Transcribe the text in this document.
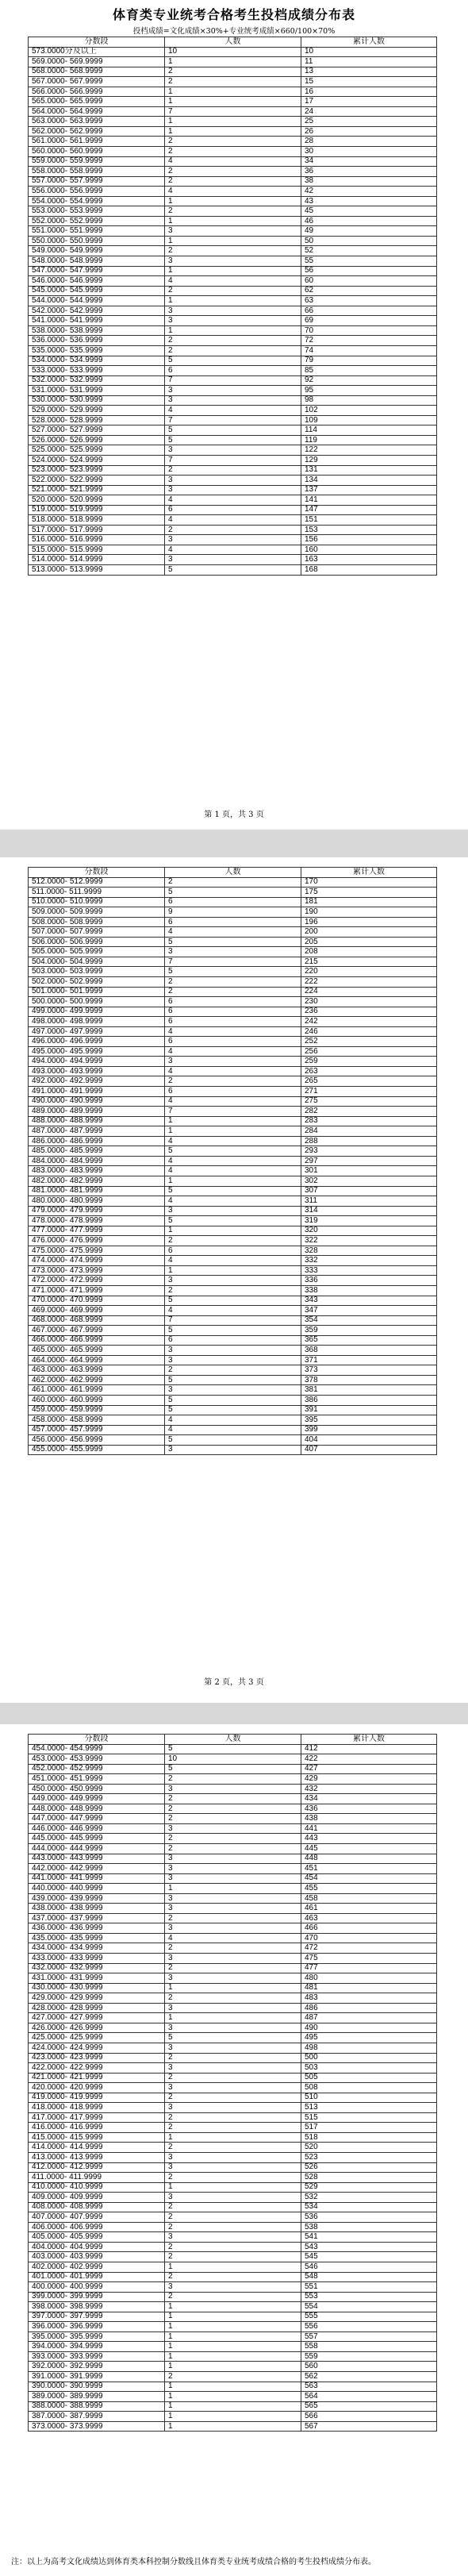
体育类专业统考合格考生投档成绩分布表
投档成绩=文化成绩×30%+专业统考成绩×660/100×70%
分数段	人数	累计人数
573.0000分及以上	10	10
569.0000- 569.9999	1	11
568.0000- 568.9999	2	13
567.0000- 567.9999	2	15
566.0000- 566.9999	1	16
565.0000- 565.9999	1	17
564.0000- 564.9999	7	24
563.0000- 563.9999	1	25
562.0000- 562.9999	1	26
561.0000- 561.9999	2	28
560.0000- 560.9999	2	30
559.0000- 559.9999	4	34
558.0000- 558.9999	2	36
557.0000- 557.9999	2	38
556.0000- 556.9999	4	42
554.0000- 554.9999	1	43
553.0000- 553.9999	2	45
552.0000- 552.9999	1	46
551.0000- 551.9999	3	49
550.0000- 550.9999	1	50
549.0000- 549.9999	2	52
548.0000- 548.9999	3	55
547.0000- 547.9999	1	56
546.0000- 546.9999	4	60
545.0000- 545.9999	2	62
544.0000- 544.9999	1	63
542.0000- 542.9999	3	66
541.0000- 541.9999	3	69
538.0000- 538.9999	1	70
536.0000- 536.9999	2	72
535.0000- 535.9999	2	74
534.0000- 534.9999	5	79
533.0000- 533.9999	6	85
532.0000- 532.9999	7	92
531.0000- 531.9999	3	95
530.0000- 530.9999	3	98
529.0000- 529.9999	4	102
528.0000- 528.9999	7	109
527.0000- 527.9999	5	114
526.0000- 526.9999	5	119
525.0000- 525.9999	3	122
524.0000- 524.9999	7	129
523.0000- 523.9999	2	131
522.0000- 522.9999	3	134
521.0000- 521.9999	3	137
520.0000- 520.9999	4	141
519.0000- 519.9999	6	147
518.0000- 518.9999	4	151
517.0000- 517.9999	2	153
516.0000- 516.9999	3	156
515.0000- 515.9999	4	160
514.0000- 514.9999	3	163
513.0000- 513.9999	5	168
第 1 页，共 3 页
分数段	人数	累计人数
512.0000- 512.9999	2	170
511.0000- 511.9999	5	175
510.0000- 510.9999	6	181
509.0000- 509.9999	9	190
508.0000- 508.9999	6	196
507.0000- 507.9999	4	200
506.0000- 506.9999	5	205
505.0000- 505.9999	3	208
504.0000- 504.9999	7	215
503.0000- 503.9999	5	220
502.0000- 502.9999	2	222
501.0000- 501.9999	2	224
500.0000- 500.9999	6	230
499.0000- 499.9999	6	236
498.0000- 498.9999	6	242
497.0000- 497.9999	4	246
496.0000- 496.9999	6	252
495.0000- 495.9999	4	256
494.0000- 494.9999	3	259
493.0000- 493.9999	4	263
492.0000- 492.9999	2	265
491.0000- 491.9999	6	271
490.0000- 490.9999	4	275
489.0000- 489.9999	7	282
488.0000- 488.9999	1	283
487.0000- 487.9999	1	284
486.0000- 486.9999	4	288
485.0000- 485.9999	5	293
484.0000- 484.9999	4	297
483.0000- 483.9999	4	301
482.0000- 482.9999	1	302
481.0000- 481.9999	5	307
480.0000- 480.9999	4	311
479.0000- 479.9999	3	314
478.0000- 478.9999	5	319
477.0000- 477.9999	1	320
476.0000- 476.9999	2	322
475.0000- 475.9999	6	328
474.0000- 474.9999	4	332
473.0000- 473.9999	1	333
472.0000- 472.9999	3	336
471.0000- 471.9999	2	338
470.0000- 470.9999	5	343
469.0000- 469.9999	4	347
468.0000- 468.9999	7	354
467.0000- 467.9999	5	359
466.0000- 466.9999	6	365
465.0000- 465.9999	3	368
464.0000- 464.9999	3	371
463.0000- 463.9999	2	373
462.0000- 462.9999	5	378
461.0000- 461.9999	3	381
460.0000- 460.9999	5	386
459.0000- 459.9999	5	391
458.0000- 458.9999	4	395
457.0000- 457.9999	4	399
456.0000- 456.9999	5	404
455.0000- 455.9999	3	407
第 2 页，共 3 页
分数段	人数	累计人数
454.0000- 454.9999	5	412
453.0000- 453.9999	10	422
452.0000- 452.9999	5	427
451.0000- 451.9999	2	429
450.0000- 450.9999	3	432
449.0000- 449.9999	2	434
448.0000- 448.9999	2	436
447.0000- 447.9999	2	438
446.0000- 446.9999	3	441
445.0000- 445.9999	2	443
444.0000- 444.9999	2	445
443.0000- 443.9999	3	448
442.0000- 442.9999	3	451
441.0000- 441.9999	3	454
440.0000- 440.9999	1	455
439.0000- 439.9999	3	458
438.0000- 438.9999	3	461
437.0000- 437.9999	2	463
436.0000- 436.9999	3	466
435.0000- 435.9999	4	470
434.0000- 434.9999	2	472
433.0000- 433.9999	3	475
432.0000- 432.9999	2	477
431.0000- 431.9999	3	480
430.0000- 430.9999	1	481
429.0000- 429.9999	2	483
428.0000- 428.9999	3	486
427.0000- 427.9999	1	487
426.0000- 426.9999	3	490
425.0000- 425.9999	5	495
424.0000- 424.9999	3	498
423.0000- 423.9999	2	500
422.0000- 422.9999	3	503
421.0000- 421.9999	2	505
420.0000- 420.9999	3	508
419.0000- 419.9999	2	510
418.0000- 418.9999	3	513
417.0000- 417.9999	2	515
416.0000- 416.9999	2	517
415.0000- 415.9999	1	518
414.0000- 414.9999	2	520
413.0000- 413.9999	3	523
412.0000- 412.9999	3	526
411.0000- 411.9999	2	528
410.0000- 410.9999	1	529
409.0000- 409.9999	3	532
408.0000- 408.9999	2	534
407.0000- 407.9999	2	536
406.0000- 406.9999	2	538
405.0000- 405.9999	3	541
404.0000- 404.9999	2	543
403.0000- 403.9999	2	545
402.0000- 402.9999	1	546
401.0000- 401.9999	2	548
400.0000- 400.9999	3	551
399.0000- 399.9999	2	553
398.0000- 398.9999	1	554
397.0000- 397.9999	1	555
396.0000- 396.9999	1	556
395.0000- 395.9999	1	557
394.0000- 394.9999	1	558
393.0000- 393.9999	1	559
392.0000- 392.9999	1	560
391.0000- 391.9999	2	562
390.0000- 390.9999	1	563
389.0000- 389.9999	1	564
388.0000- 388.9999	1	565
387.0000- 387.9999	1	566
373.0000- 373.9999	1	567
注：以上为高考文化成绩达到体育类本科控制分数线且体育类专业统考成绩合格的考生投档成绩分布表。
